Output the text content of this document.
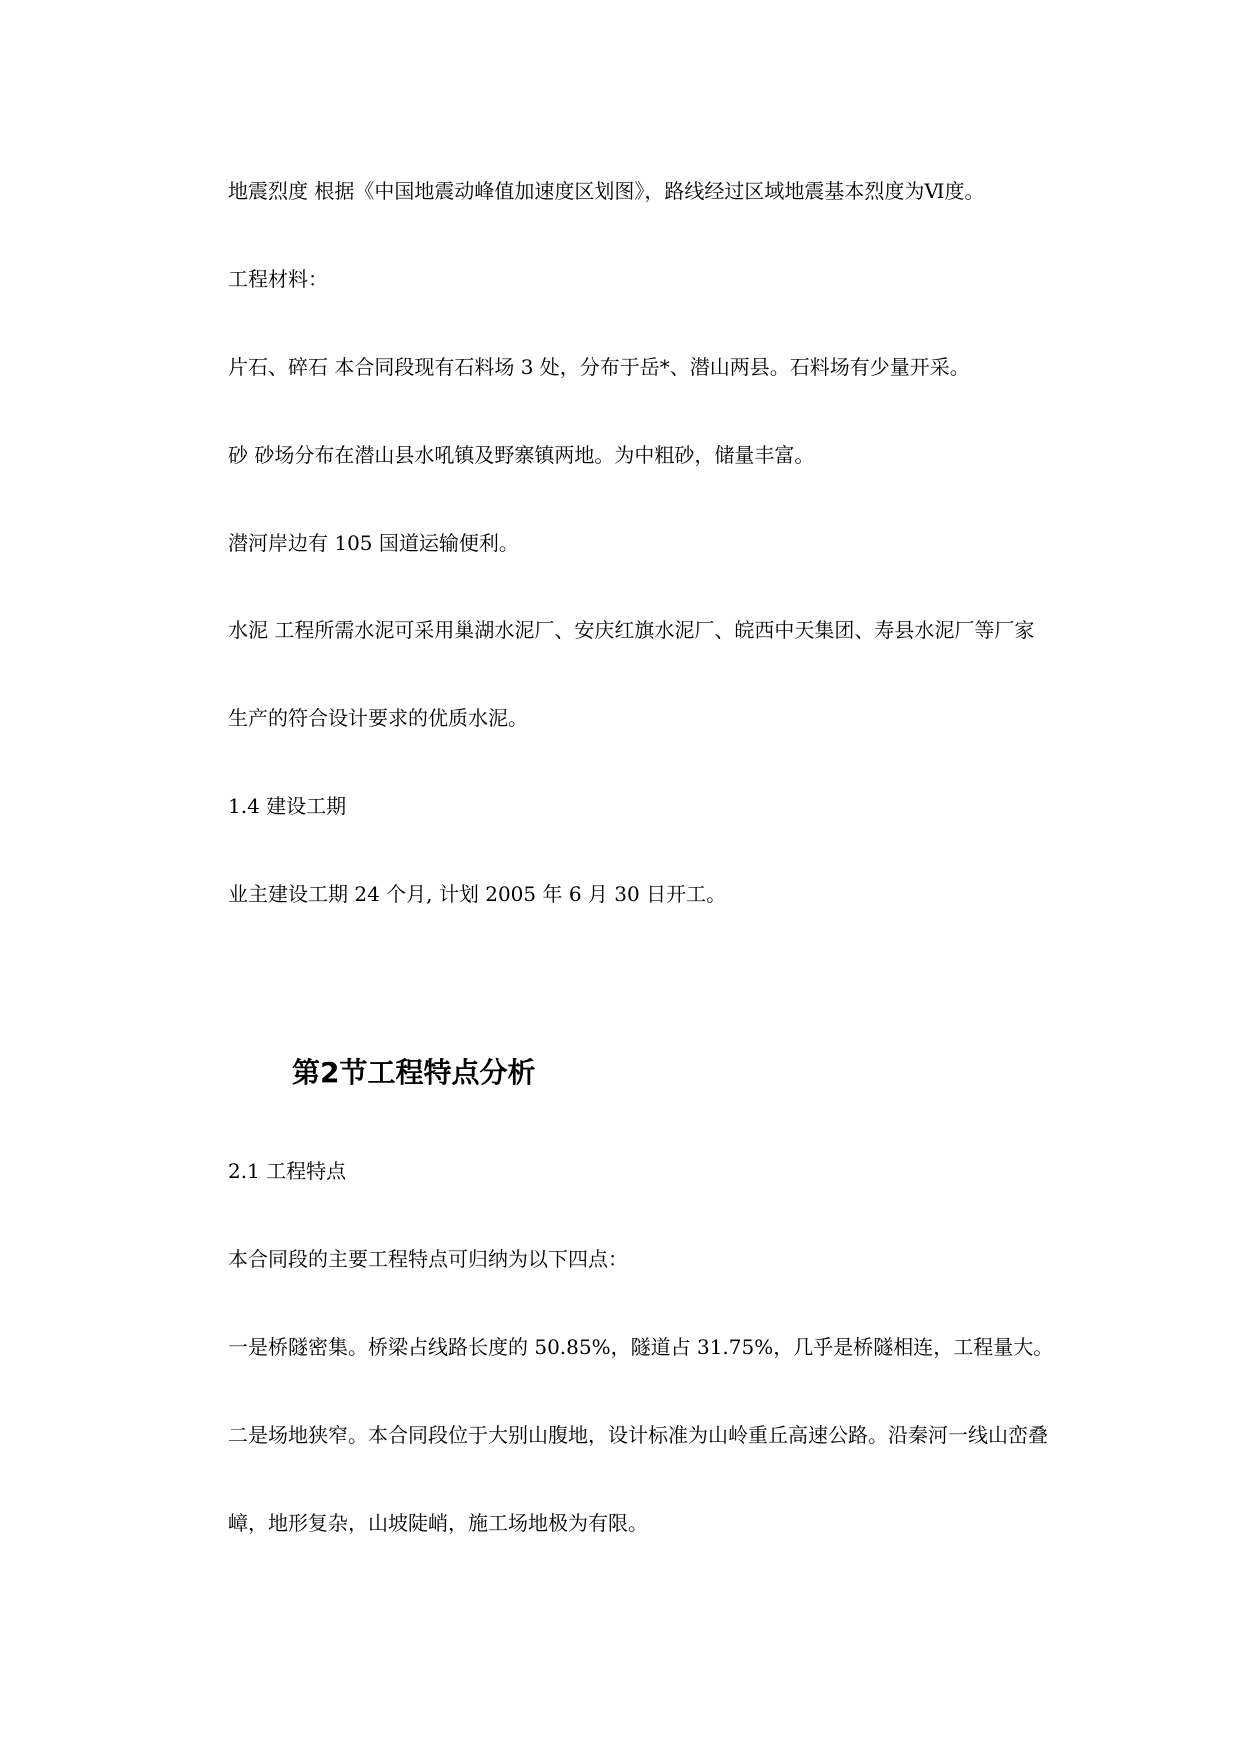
地震烈度 根据《中国地震动峰值加速度区划图》，路线经过区域地震基本烈度为Ⅵ度。

工程材料：

片石、碎石 本合同段现有石料场 3 处，分布于岳*、潜山两县。石料场有少量开采。

砂 砂场分布在潜山县水吼镇及野寨镇两地。为中粗砂，储量丰富。

潜河岸边有 105 国道运输便利。

水泥 工程所需水泥可采用巢湖水泥厂、安庆红旗水泥厂、皖西中天集团、寿县水泥厂等厂家

生产的符合设计要求的优质水泥。

1.4 建设工期

业主建设工期 24 个月, 计划 2005 年 6 月 30 日开工。

第2节工程特点分析

2.1 工程特点

本合同段的主要工程特点可归纳为以下四点：

一是桥隧密集。桥梁占线路长度的 50.85%，隧道占 31.75%，几乎是桥隧相连，工程量大。

二是场地狭窄。本合同段位于大别山腹地，设计标准为山岭重丘高速公路。沿秦河一线山峦叠

嶂，地形复杂，山坡陡峭，施工场地极为有限。
